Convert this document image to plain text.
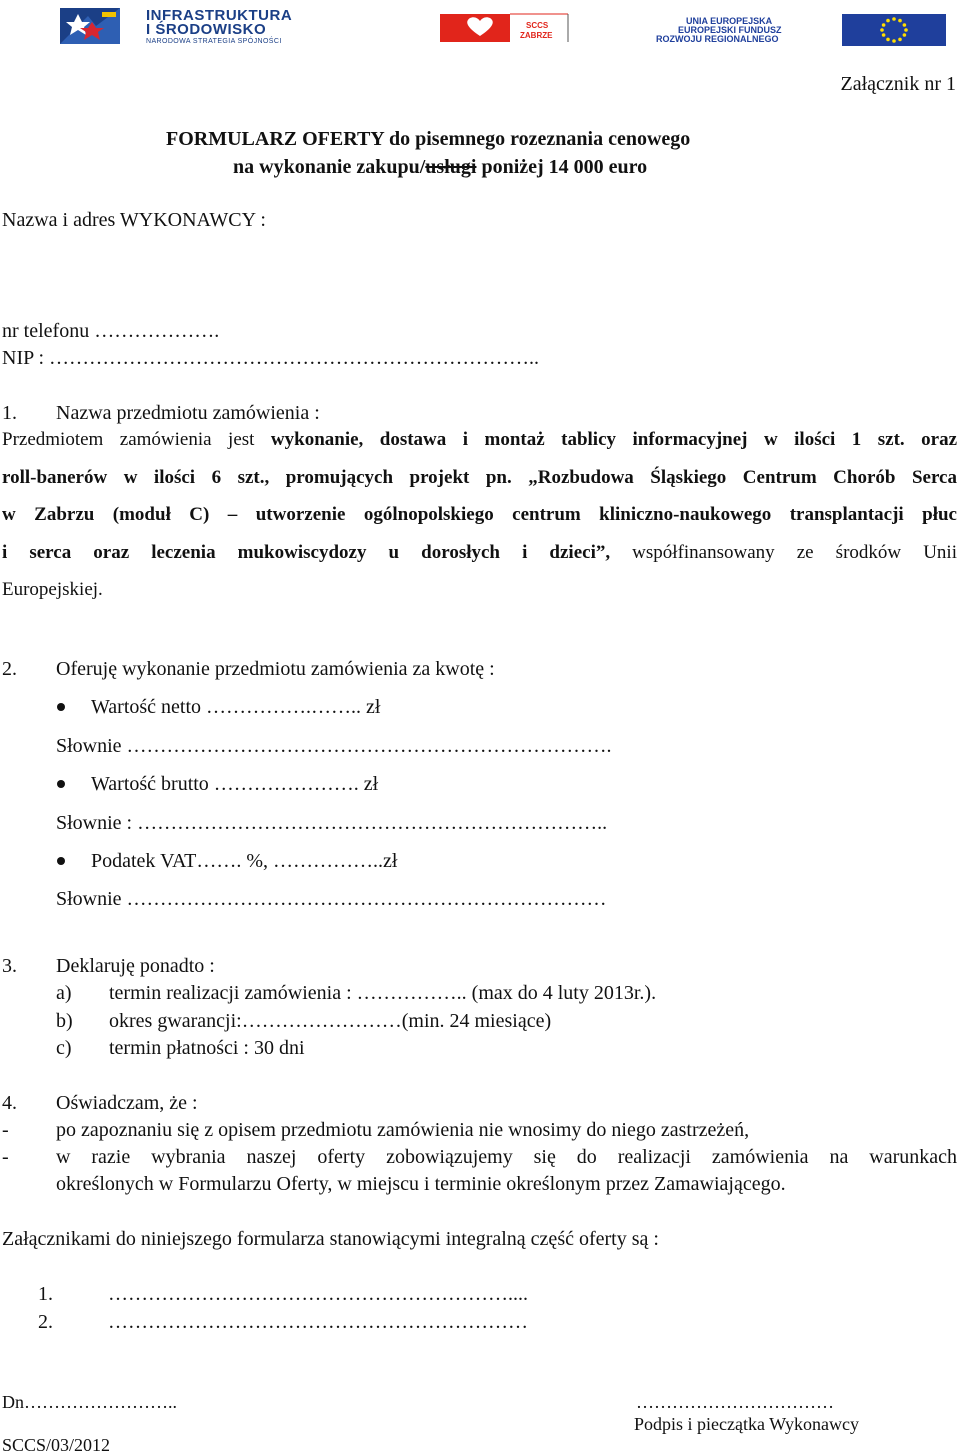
INFRASTRUKTURA
I ŚRODOWISKO
NARODOWA STRATEGIA SPÓJNOŚCI
SCCS
ZABRZE
UNIA EUROPEJSKA
EUROPEJSKI FUNDUSZ
ROZWOJU REGIONALNEGO
Załącznik nr 1
FORMULARZ OFERTY do pisemnego rozeznania cenowego
na wykonanie zakupu/usługi poniżej 14 000 euro
Nazwa i adres WYKONAWCY :
nr telefonu ……………….
NIP : ………………………………………………………………..
1. Nazwa przedmiotu zamówienia :
Przedmiotem zamówienia jest wykonanie, dostawa i montaż tablicy informacyjnej w ilości 1 szt. oraz
roll-banerów w ilości 6 szt., promujących projekt pn. „Rozbudowa Śląskiego Centrum Chorób Serca
w Zabrzu (moduł C) – utworzenie ogólnopolskiego centrum kliniczno-naukowego transplantacji płuc
i serca oraz leczenia mukowiscydozy u dorosłych i dzieci”, współfinansowany ze środków Unii
Europejskiej.
2. Oferuję wykonanie przedmiotu zamówienia za kwotę :
Wartość netto …………….…….. zł
Słownie ……………………………………………………………….
Wartość brutto …………………. zł
Słownie : ……………………………………………………………..
Podatek VAT……. %, ……………..zł
Słownie ………………………………………………………………
3. Deklaruję ponadto :
a) termin realizacji zamówienia : …………….. (max do 4 luty 2013r.).
b) okres gwarancji:……………………(min. 24 miesiące)
c) termin płatności : 30 dni
4. Oświadczam, że :
- po zapoznaniu się z opisem przedmiotu zamówienia nie wnosimy do niego zastrzeżeń,
- w razie wybrania naszej oferty zobowiązujemy się do realizacji zamówienia na warunkach
określonych w Formularzu Oferty, w miejscu i terminie określonym przez Zamawiającego.
Załącznikami do niniejszego formularza stanowiącymi integralną część oferty są :
1.	……………………………………………………....
2.	………………………………………………………
Dn……………………..	……………………………
Podpis i pieczątka Wykonawcy
SCCS/03/2012
